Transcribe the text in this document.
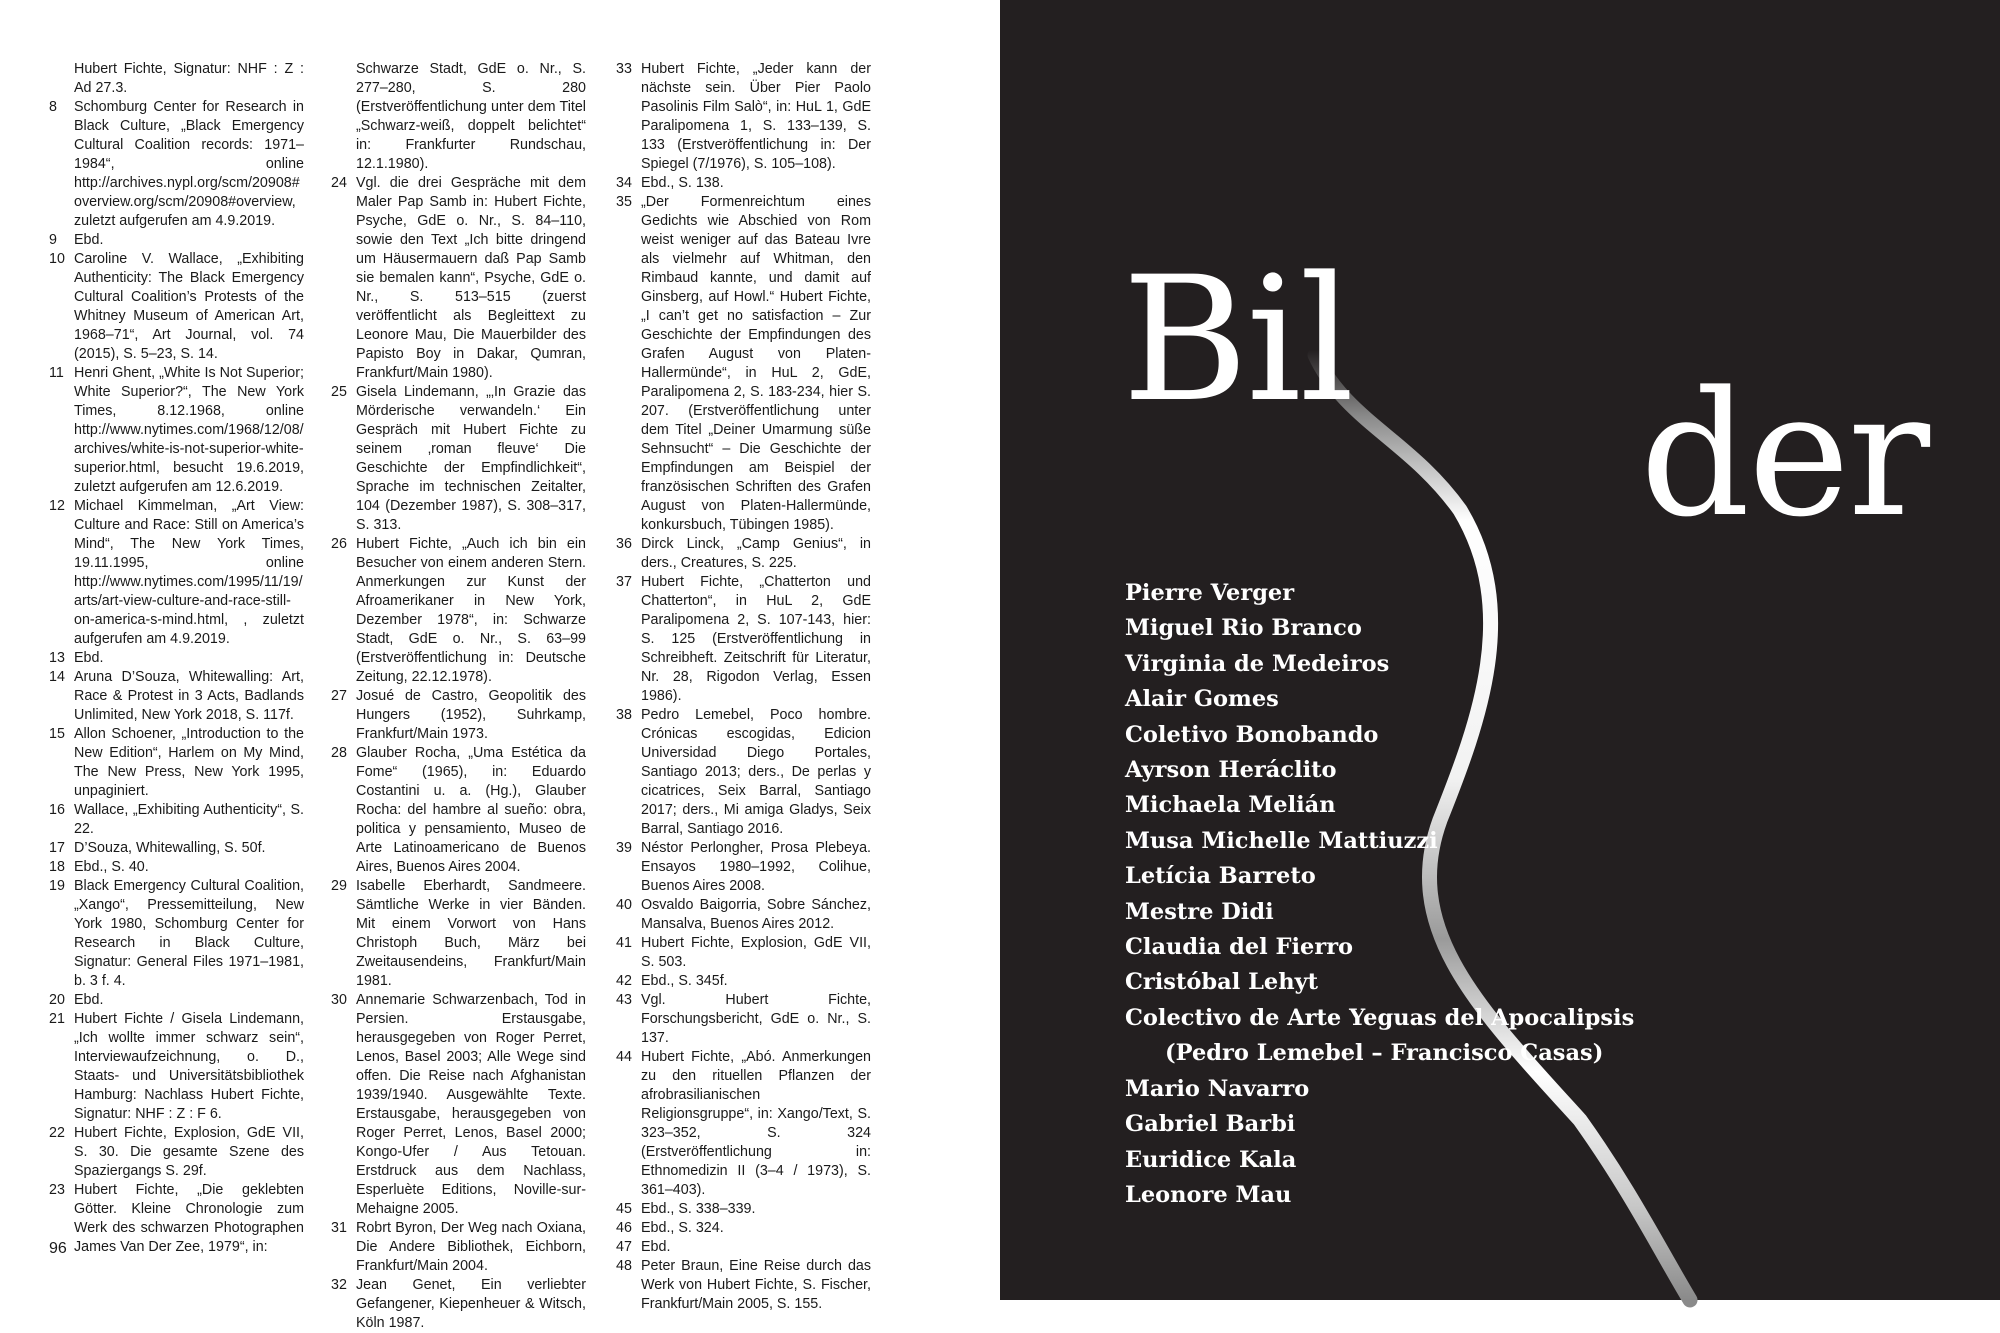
Hubert Fichte, Signatur: NHF : Z : Ad 27.3.
8 Schomburg Center for Research in Black Culture, „Black Emergency Cultural Coalition records: 1971–1984“, online http://archives.nypl.org/scm/20908#overview.org/scm/20908#overview, zuletzt aufgerufen am 4.9.2019.
9 Ebd.
10 Caroline V. Wallace, „Exhibiting Authenticity: The Black Emergency Cultural Coalition’s Protests of the Whitney Museum of American Art, 1968–71“, Art Journal, vol. 74 (2015), S. 5–23, S. 14.
11 Henri Ghent, „White Is Not Superior; White Superior?“, The New York Times, 8.12.1968, online http://www.nytimes.com/1968/12/08/archives/white-is-not-superior-white-superior.html, besucht 19.6.2019, zuletzt aufgerufen am 12.6.2019.
12 Michael Kimmelman, „Art View: Culture and Race: Still on America’s Mind“, The New York Times, 19.11.1995, online http://www.nytimes.com/1995/11/19/arts/art-view-culture-and-race-still-on-america-s-mind.html, , zuletzt aufgerufen am 4.9.2019.
13 Ebd.
14 Aruna D’Souza, Whitewalling: Art, Race & Protest in 3 Acts, Badlands Unlimited, New York 2018, S. 117f.
15 Allon Schoener, „Introduction to the New Edition“, Harlem on My Mind, The New Press, New York 1995, unpaginiert.
16 Wallace, „Exhibiting Authenticity“, S. 22.
17 D’Souza, Whitewalling, S. 50f.
18 Ebd., S. 40.
19 Black Emergency Cultural Coalition, „Xango“, Pressemitteilung, New York 1980, Schomburg Center for Research in Black Culture, Signatur: General Files 1971–1981, b. 3 f. 4.
20 Ebd.
21 Hubert Fichte / Gisela Lindemann, „Ich wollte immer schwarz sein“, Interviewaufzeichnung, o. D., Staats- und Universitätsbibliothek Hamburg: Nachlass Hubert Fichte, Signatur: NHF : Z : F 6.
22 Hubert Fichte, Explosion, GdE VII, S. 30. Die gesamte Szene des Spaziergangs S. 29f.
23 Hubert Fichte, „Die geklebten Götter. Kleine Chronologie zum Werk des schwarzen Photographen James Van Der Zee, 1979“, in:
Schwarze Stadt, GdE o. Nr., S. 277–280, S. 280 (Erstveröffentlichung unter dem Titel „Schwarz-weiß, doppelt belichtet“ in: Frankfurter Rundschau, 12.1.1980).
24 Vgl. die drei Gespräche mit dem Maler Pap Samb in: Hubert Fichte, Psyche, GdE o. Nr., S. 84–110, sowie den Text „Ich bitte dringend um Häusermauern daß Pap Samb sie bemalen kann“, Psyche, GdE o. Nr., S. 513–515 (zuerst veröffentlicht als Begleittext zu Leonore Mau, Die Mauerbilder des Papisto Boy in Dakar, Qumran, Frankfurt/Main 1980).
25 Gisela Lindemann, „‚In Grazie das Mörderische verwandeln.‘ Ein Gespräch mit Hubert Fichte zu seinem ‚roman fleuve‘ Die Geschichte der Empfindlichkeit“, Sprache im technischen Zeitalter, 104 (Dezember 1987), S. 308–317, S. 313.
26 Hubert Fichte, „Auch ich bin ein Besucher von einem anderen Stern. Anmerkungen zur Kunst der Afroamerikaner in New York, Dezember 1978“, in: Schwarze Stadt, GdE o. Nr., S. 63–99 (Erstveröffentlichung in: Deutsche Zeitung, 22.12.1978).
27 Josué de Castro, Geopolitik des Hungers (1952), Suhrkamp, Frankfurt/Main 1973.
28 Glauber Rocha, „Uma Estética da Fome“ (1965), in: Eduardo Costantini u. a. (Hg.), Glauber Rocha: del hambre al sueño: obra, politica y pensamiento, Museo de Arte Latinoamericano de Buenos Aires, Buenos Aires 2004.
29 Isabelle Eberhardt, Sandmeere. Sämtliche Werke in vier Bänden. Mit einem Vorwort von Hans Christoph Buch, März bei Zweitausendeins, Frankfurt/Main 1981.
30 Annemarie Schwarzenbach, Tod in Persien. Erstausgabe, herausgegeben von Roger Perret, Lenos, Basel 2003; Alle Wege sind offen. Die Reise nach Afghanistan 1939/1940. Ausgewählte Texte. Erstausgabe, herausgegeben von Roger Perret, Lenos, Basel 2000; Kongo-Ufer / Aus Tetouan. Erstdruck aus dem Nachlass, Esperluète Editions, Noville-sur-Mehaigne 2005.
31 Robrt Byron, Der Weg nach Oxiana, Die Andere Bibliothek, Eichborn, Frankfurt/Main 2004.
32 Jean Genet, Ein verliebter Gefangener, Kiepenheuer & Witsch, Köln 1987.
33 Hubert Fichte, „Jeder kann der nächste sein. Über Pier Paolo Pasolinis Film Salò“, in: HuL 1, GdE Paralipomena 1, S. 133–139, S. 133 (Erstveröffentlichung in: Der Spiegel (7/1976), S. 105–108).
34 Ebd., S. 138.
35 „Der Formenreichtum eines Gedichts wie Abschied von Rom weist weniger auf das Bateau Ivre als vielmehr auf Whitman, den Rimbaud kannte, und damit auf Ginsberg, auf Howl.“ Hubert Fichte, „I can’t get no satisfaction – Zur Geschichte der Empfindungen des Grafen August von Platen-Hallermünde“, in HuL 2, GdE, Paralipomena 2, S. 183-234, hier S. 207. (Erstveröffentlichung unter dem Titel „Deiner Umarmung süße Sehnsucht“ – Die Geschichte der Empfindungen am Beispiel der französischen Schriften des Grafen August von Platen-Hallermünde, konkursbuch, Tübingen 1985).
36 Dirck Linck, „Camp Genius“, in ders., Creatures, S. 225.
37 Hubert Fichte, „Chatterton und Chatterton“, in HuL 2, GdE Paralipomena 2, S. 107-143, hier: S. 125 (Erstveröffentlichung in Schreibheft. Zeitschrift für Literatur, Nr. 28, Rigodon Verlag, Essen 1986).
38 Pedro Lemebel, Poco hombre. Crónicas escogidas, Edicion Universidad Diego Portales, Santiago 2013; ders., De perlas y cicatrices, Seix Barral, Santiago 2017; ders., Mi amiga Gladys, Seix Barral, Santiago 2016.
39 Néstor Perlongher, Prosa Plebeya. Ensayos 1980–1992, Colihue, Buenos Aires 2008.
40 Osvaldo Baigorria, Sobre Sánchez, Mansalva, Buenos Aires 2012.
41 Hubert Fichte, Explosion, GdE VII, S. 503.
42 Ebd., S. 345f.
43 Vgl. Hubert Fichte, Forschungsbericht, GdE o. Nr., S. 137.
44 Hubert Fichte, „Abó. Anmerkungen zu den rituellen Pflanzen der afrobrasilianischen Religionsgruppe“, in: Xango/Text, S. 323–352, S. 324 (Erstveröffentlichung in: Ethnomedizin II (3–4 / 1973), S. 361–403).
45 Ebd., S. 338–339.
46 Ebd., S. 324.
47 Ebd.
48 Peter Braun, Eine Reise durch das Werk von Hubert Fichte, S. Fischer, Frankfurt/Main 2005, S. 155.
96
Bil
der
Pierre Verger
Miguel Rio Branco
Virginia de Medeiros
Alair Gomes
Coletivo Bonobando
Ayrson Heráclito
Michaela Melián
Musa Michelle Mattiuzzi
Letícia Barreto
Mestre Didi
Claudia del Fierro
Cristóbal Lehyt
Colectivo de Arte Yeguas del Apocalipsis
(Pedro Lemebel – Francisco Casas)
Mario Navarro
Gabriel Barbi
Euridice Kala
Leonore Mau
